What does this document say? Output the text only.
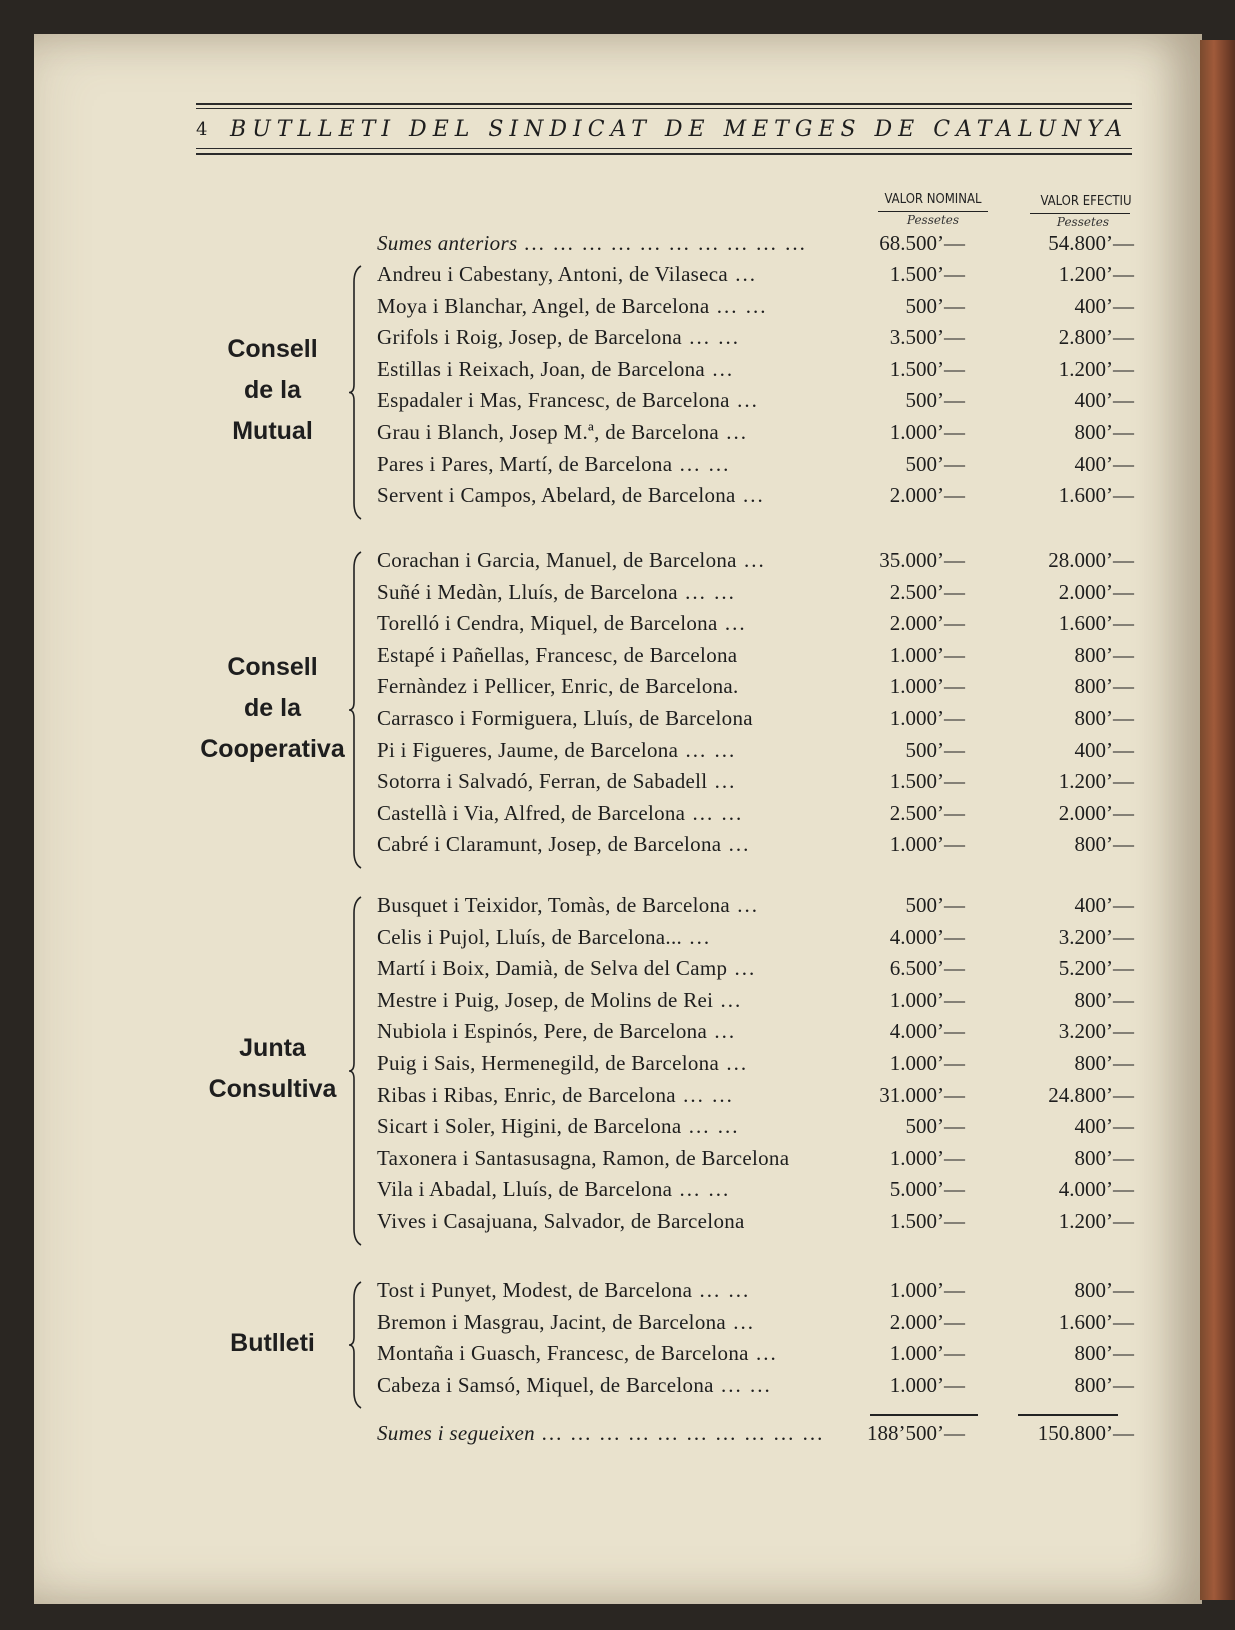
4 BUTLLETI DEL SINDICAT DE METGES DE CATALUNYA
VALOR NOMINAL
Pessetes
VALOR EFECTIU
Pessetes
Sumes anteriors ... ... ... ... ... ... ... ... ... ...	68.500’—	54.800’—
Andreu i Cabestany, Antoni, de Vilaseca ...	1.500’—	1.200’—
Moya i Blanchar, Angel, de Barcelona ... ...	500’—	400’—
Grifols i Roig, Josep, de Barcelona ... ...	3.500’—	2.800’—
Estillas i Reixach, Joan, de Barcelona ...	1.500’—	1.200’—
Espadaler i Mas, Francesc, de Barcelona ...	500’—	400’—
Grau i Blanch, Josep M.ª, de Barcelona ...	1.000’—	800’—
Pares i Pares, Martí, de Barcelona ... ...	500’—	400’—
Servent i Campos, Abelard, de Barcelona ...	2.000’—	1.600’—
Consell
de la
Mutual
Corachan i Garcia, Manuel, de Barcelona ...	35.000’—	28.000’—
Suñé i Medàn, Lluís, de Barcelona ... ...	2.500’—	2.000’—
Torelló i Cendra, Miquel, de Barcelona ...	2.000’—	1.600’—
Estapé i Pañellas, Francesc, de Barcelona	1.000’—	800’—
Fernàndez i Pellicer, Enric, de Barcelona.	1.000’—	800’—
Carrasco i Formiguera, Lluís, de Barcelona	1.000’—	800’—
Pi i Figueres, Jaume, de Barcelona ... ...	500’—	400’—
Sotorra i Salvadó, Ferran, de Sabadell ...	1.500’—	1.200’—
Castellà i Via, Alfred, de Barcelona ... ...	2.500’—	2.000’—
Cabré i Claramunt, Josep, de Barcelona ...	1.000’—	800’—
Consell
de la
Cooperativa
Busquet i Teixidor, Tomàs, de Barcelona ...	500’—	400’—
Celis i Pujol, Lluís, de Barcelona... ...	4.000’—	3.200’—
Martí i Boix, Damià, de Selva del Camp ...	6.500’—	5.200’—
Mestre i Puig, Josep, de Molins de Rei ...	1.000’—	800’—
Nubiola i Espinós, Pere, de Barcelona ...	4.000’—	3.200’—
Puig i Sais, Hermenegild, de Barcelona ...	1.000’—	800’—
Ribas i Ribas, Enric, de Barcelona ... ...	31.000’—	24.800’—
Sicart i Soler, Higini, de Barcelona ... ...	500’—	400’—
Taxonera i Santasusagna, Ramon, de Barcelona	1.000’—	800’—
Vila i Abadal, Lluís, de Barcelona ... ...	5.000’—	4.000’—
Vives i Casajuana, Salvador, de Barcelona	1.500’—	1.200’—
Junta
Consultiva
Tost i Punyet, Modest, de Barcelona ... ...	1.000’—	800’—
Bremon i Masgrau, Jacint, de Barcelona ...	2.000’—	1.600’—
Montaña i Guasch, Francesc, de Barcelona ...	1.000’—	800’—
Cabeza i Samsó, Miquel, de Barcelona ... ...	1.000’—	800’—
Butlleti
Sumes i segueixen ... ... ... ... ... ... ... ... ... ...	188’500’—	150.800’—
